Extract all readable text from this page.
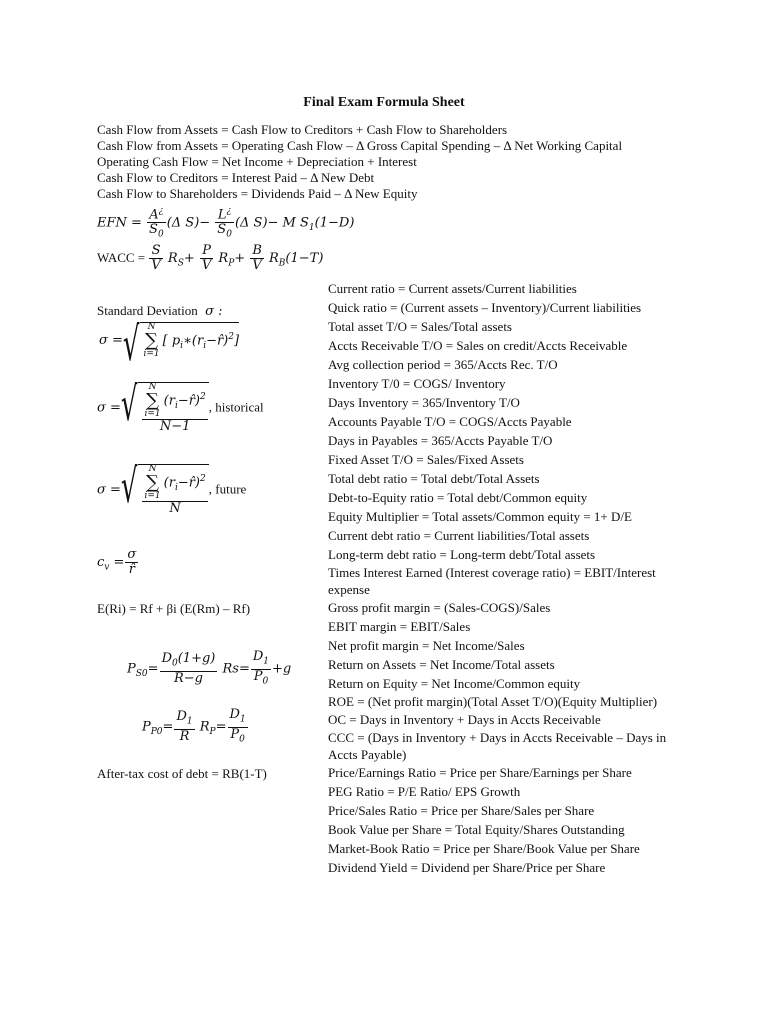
Final Exam Formula Sheet
Cash Flow from Assets = Cash Flow to Creditors + Cash Flow to Shareholders
Cash Flow from Assets = Operating Cash Flow – Δ Gross Capital Spending – Δ Net Working Capital
Operating Cash Flow = Net Income + Depreciation + Interest
Cash Flow to Creditors = Interest Paid – Δ New Debt
Cash Flow to Shareholders = Dividends Paid – Δ New Equity
EFN = $\frac{A^¿}{S_0} (\Delta$ $S)- \frac{L^¿}{S_0} (\Delta$ S)− M $S_1(1-D)$
WACC = $\frac{S}{V} R_S+ \frac{P}{V} R_P+ \frac{B}{V} R_B(1-T)$
Standard Deviation  σ :
σ = √ N
∑
i=1
[ $p_i∗(r_i-r̂)^2$]
σ = √ N
∑
i=1
$(r_i-r̂)^2$
N−1 , historical
σ = √ N
∑
i=1
$(r_i-r̂)^2$
N , future
$c_v = \frac{\sigma}{r̂}$
E(Ri) = Rf + βi (E(Rm) – Rf)
$P_{S0}= \frac{D_0(1+g)}{R-g} Rs= \frac{D_1}{P_0} +g$
$P_{P0}= \frac{D_1}{R} R_P= \frac{D_1}{P_0}$
After-tax cost of debt = RB(1-T)
Current ratio = Current assets/Current liabilities
Quick ratio = (Current assets – Inventory)/Current liabilities
Total asset T/O = Sales/Total assets
Accts Receivable T/O = Sales on credit/Accts Receivable
Avg collection period = 365/Accts Rec. T/O
Inventory T/0 = COGS/ Inventory
Days Inventory = 365/Inventory T/O
Accounts Payable T/O = COGS/Accts Payable
Days in Payables = 365/Accts Payable T/O
Fixed Asset T/O = Sales/Fixed Assets
Total debt ratio = Total debt/Total Assets
Debt-to-Equity ratio = Total debt/Common equity
Equity Multiplier = Total assets/Common equity = 1+ D/E
Current debt ratio = Current liabilities/Total assets
Long-term debt ratio = Long-term debt/Total assets
Times Interest Earned (Interest coverage ratio) = EBIT/Interest expense
Gross profit margin = (Sales-COGS)/Sales
EBIT margin = EBIT/Sales
Net profit margin = Net Income/Sales
Return on Assets = Net Income/Total assets
Return on Equity = Net Income/Common equity
ROE = (Net profit margin)(Total Asset T/O)(Equity Multiplier)
OC = Days in Inventory + Days in Accts Receivable
CCC = (Days in Inventory + Days in Accts Receivable – Days in Accts Payable)
Price/Earnings Ratio = Price per Share/Earnings per Share
PEG Ratio = P/E Ratio/ EPS Growth
Price/Sales Ratio = Price per Share/Sales per Share
Book Value per Share = Total Equity/Shares Outstanding
Market-Book Ratio = Price per Share/Book Value per Share
Dividend Yield = Dividend per Share/Price per Share
